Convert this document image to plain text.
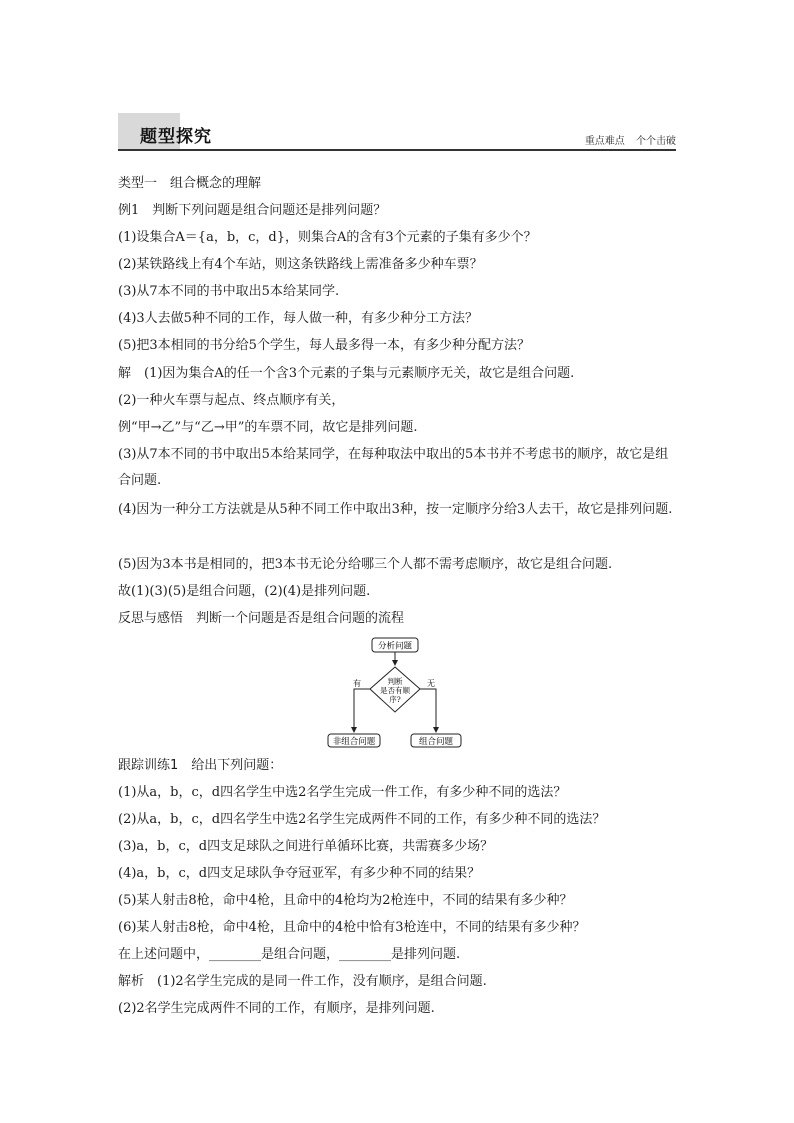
题型探究	重点难点 个个击破
类型一　组合概念的理解
例1　判断下列问题是组合问题还是排列问题？
(1)设集合A＝{a，b，c，d}，则集合A的含有3个元素的子集有多少个？
(2)某铁路线上有4个车站，则这条铁路线上需准备多少种车票？
(3)从7本不同的书中取出5本给某同学.
(4)3人去做5种不同的工作，每人做一种，有多少种分工方法？
(5)把3本相同的书分给5个学生，每人最多得一本，有多少种分配方法？
解　(1)因为集合A的任一个含3个元素的子集与元素顺序无关，故它是组合问题.
(2)一种火车票与起点、终点顺序有关，
例“甲→乙”与“乙→甲”的车票不同，故它是排列问题.
(3)从7本不同的书中取出5本给某同学，在每种取法中取出的5本书并不考虑书的顺序，故它是组合问题.
(4)因为一种分工方法就是从5种不同工作中取出3种，按一定顺序分给3人去干，故它是排列问题.
(5)因为3本书是相同的，把3本书无论分给哪三个人都不需考虑顺序，故它是组合问题.
故(1)(3)(5)是组合问题，(2)(4)是排列问题.
反思与感悟　判断一个问题是否是组合问题的流程
分析问题
判断
是否有顺
序?
有	无
非组合问题	组合问题
跟踪训练1　给出下列问题：
(1)从a，b，c，d四名学生中选2名学生完成一件工作，有多少种不同的选法？
(2)从a，b，c，d四名学生中选2名学生完成两件不同的工作，有多少种不同的选法？
(3)a，b，c，d四支足球队之间进行单循环比赛，共需赛多少场？
(4)a，b，c，d四支足球队争夺冠亚军，有多少种不同的结果？
(5)某人射击8枪，命中4枪，且命中的4枪均为2枪连中，不同的结果有多少种？
(6)某人射击8枪，命中4枪，且命中的4枪中恰有3枪连中，不同的结果有多少种？
在上述问题中，________是组合问题，________是排列问题.
解析　(1)2名学生完成的是同一件工作，没有顺序，是组合问题.
(2)2名学生完成两件不同的工作，有顺序，是排列问题.
